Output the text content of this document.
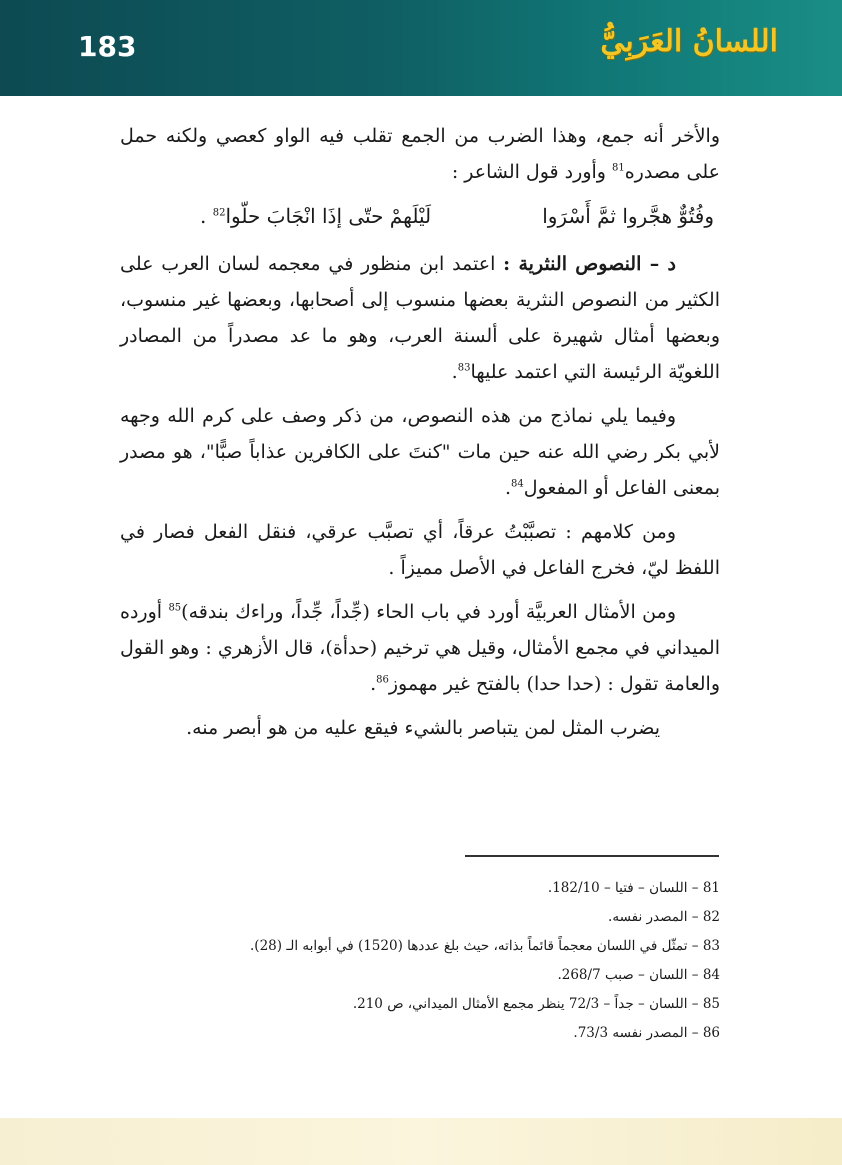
183	اللسانُ العَرَبِيُّ

والأخر أنه جمع، وهذا الضرب من الجمع تقلب فيه الواو كعصي ولكنه حمل على مصدره$^{81}$ وأورد قول الشاعر :

وفُتُوٌّ هجَّروا ثمَّ أَسْرَوا
لَيْلَهمْ حتّى إذَا انْجَابَ حلّوا$^{82}$ .

د – النصوص النثرية : اعتمد ابن منظور في معجمه لسان العرب على الكثير من النصوص النثرية بعضها منسوب إلى أصحابها، وبعضها غير منسوب، وبعضها أمثال شهيرة على ألسنة العرب، وهو ما عد مصدراً من المصادر اللغويّة الرئيسة التي اعتمد عليها$^{83}$.

وفيما يلي نماذج من هذه النصوص، من ذكر وصف على كرم الله وجهه لأبي بكر رضي الله عنه حين مات "كنتَ على الكافرين عذاباً صبًّا"، هو مصدر بمعنى الفاعل أو المفعول$^{84}$.

ومن كلامهم : تصبَّبْتُ عرقاً، أي تصبَّب عرقي، فنقل الفعل فصار في اللفظ ليّ، فخرج الفاعل في الأصل مميزاً .

ومن الأمثال العربيَّة أورد في باب الحاء (جِّداً، جِّداً، وراءك بندقه)$^{85}$ أورده الميداني في مجمع الأمثال، وقيل هي ترخيم (حدأة)، قال الأزهري : وهو القول والعامة تقول : (حدا حدا) بالفتح غير مهموز$^{86}$.

يضرب المثل لمن يتباصر بالشيء فيقع عليه من هو أبصر منه.

81 – اللسان – فتيا – 182/10.

82 – المصدر نفسه.

83 – تمثّل في اللسان معجماً قائماً بذاته، حيث بلغ عددها (1520) في أبوابه الـ (28).

84 – اللسان – صبب 268/7.

85 – اللسان – جداً – 72/3 ينظر مجمع الأمثال الميداني، ص 210.

86 – المصدر نفسه 73/3.
